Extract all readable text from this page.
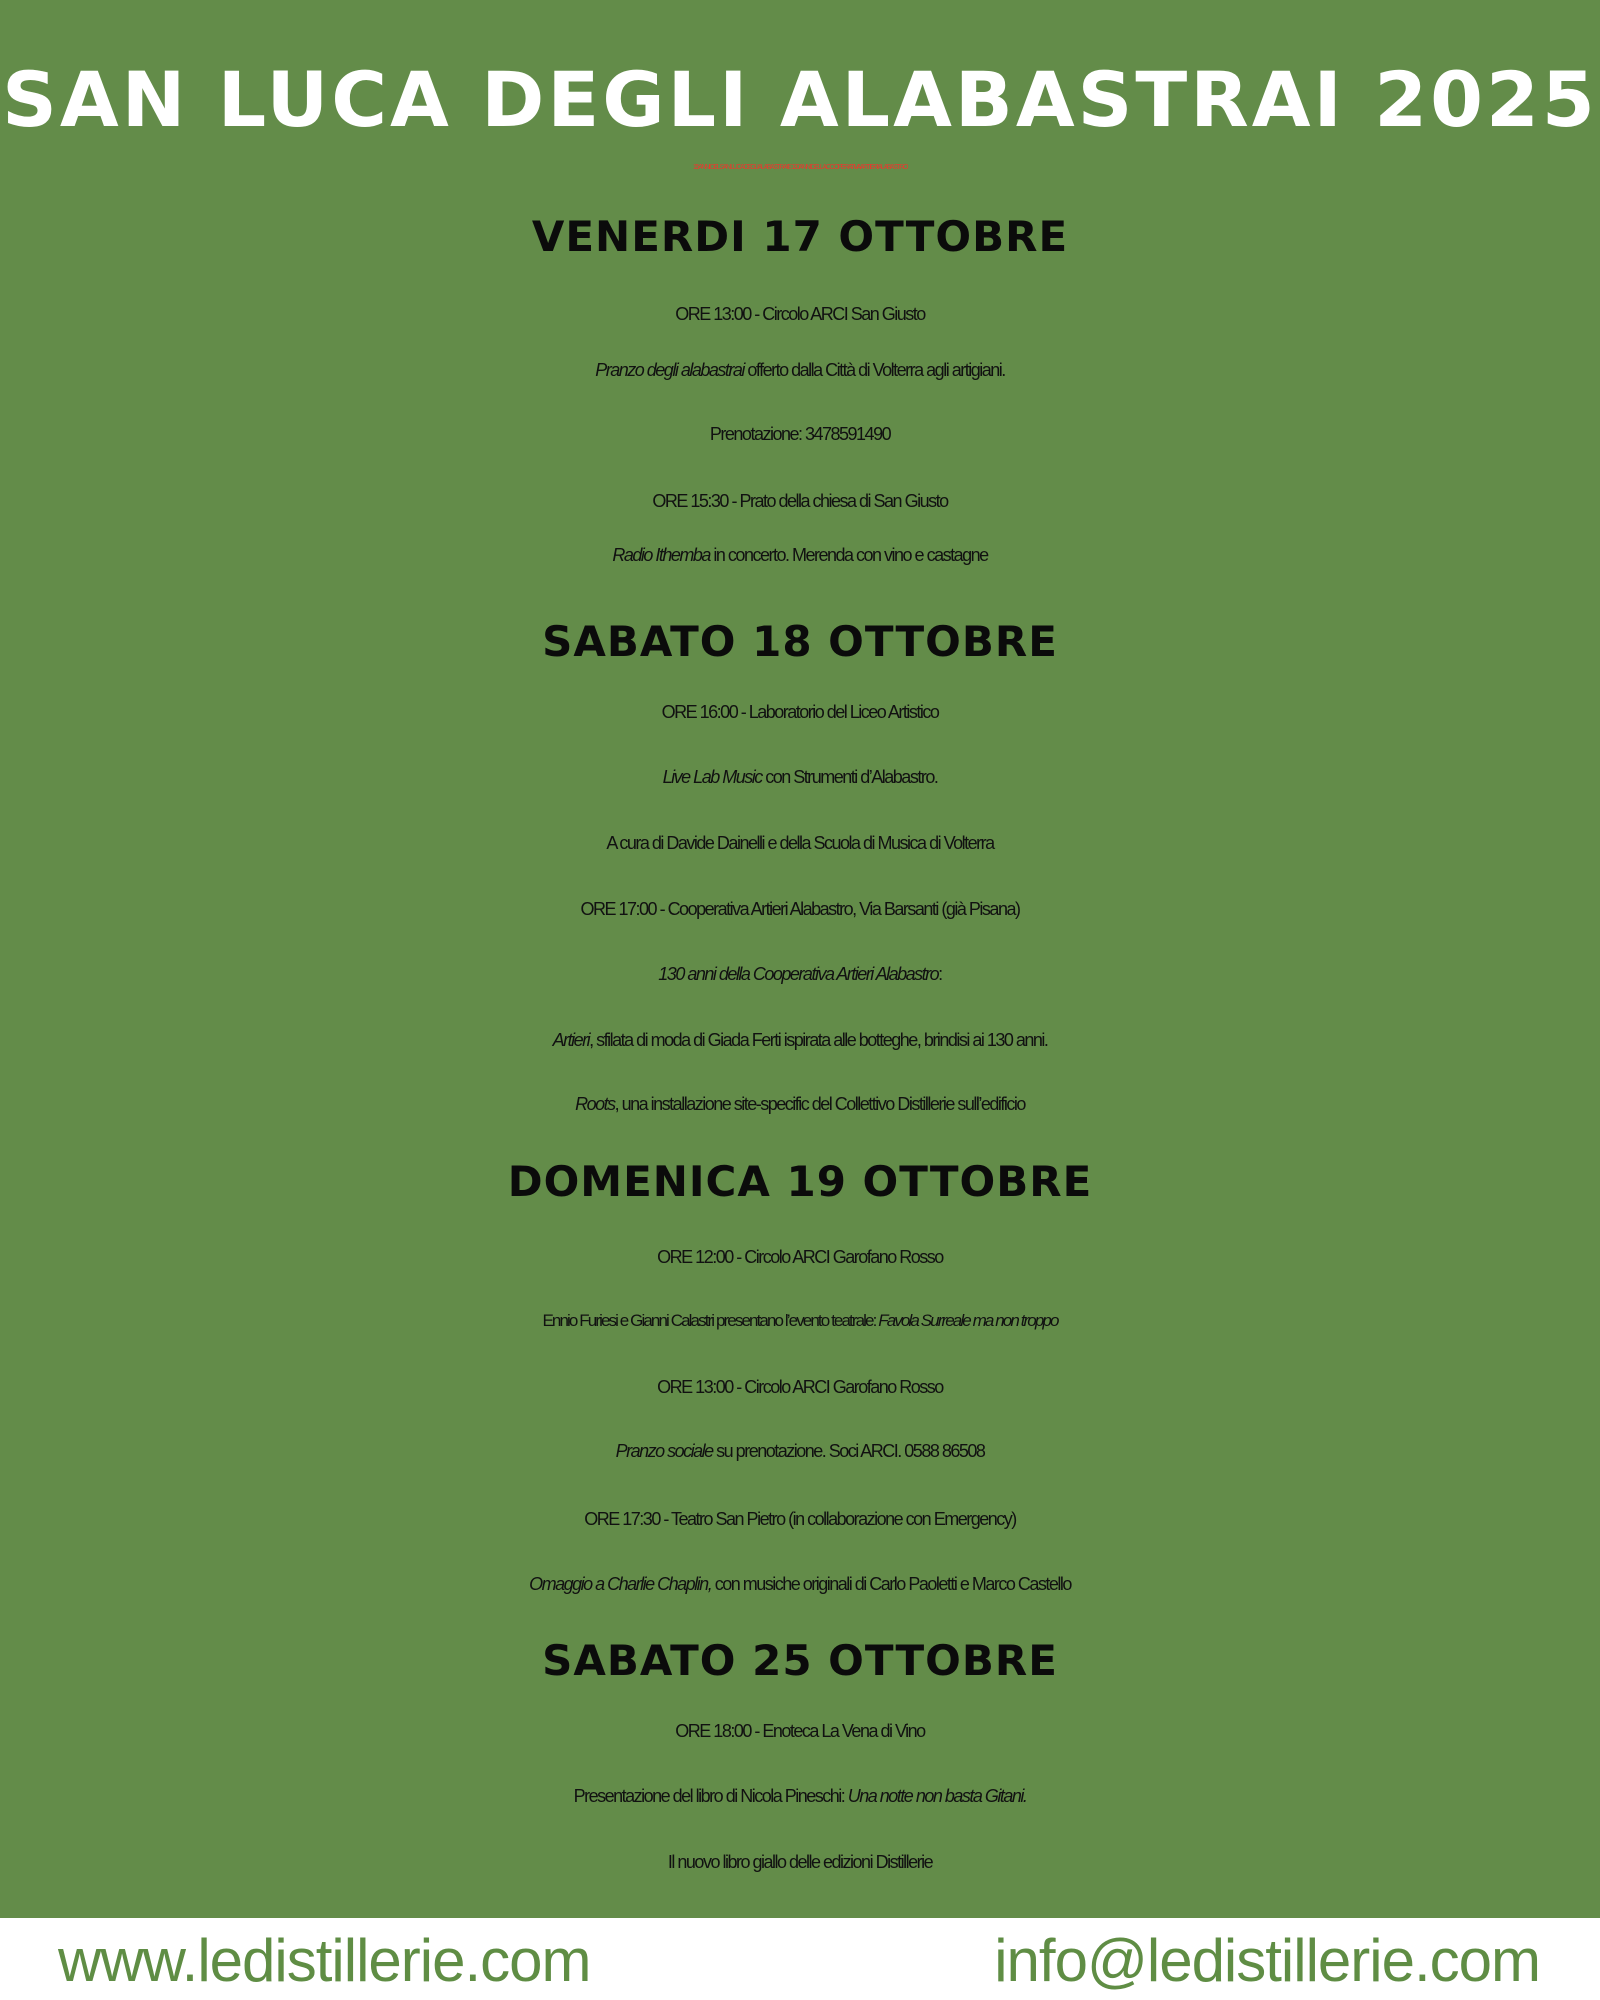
SAN LUCA DEGLI ALABASTRAI 2025
15 ANNI DEL SAN LUCA DEGLI ALABASTRAI E 130 ANNI DELLA COOPERATIVA ARTIERI ALABASTRO
VENERDI 17 OTTOBRE
ORE 13:00 - Circolo ARCI San Giusto
Pranzo degli alabastrai offerto dalla Città di Volterra agli artigiani.
Prenotazione: 3478591490
ORE 15:30 - Prato della chiesa di San Giusto
Radio Ithemba in concerto. Merenda con vino e castagne
SABATO 18 OTTOBRE
ORE 16:00 - Laboratorio del Liceo Artistico
Live Lab Music con Strumenti d’Alabastro.
A cura di Davide Dainelli e della Scuola di Musica di Volterra
ORE 17:00 - Cooperativa Artieri Alabastro, Via Barsanti (già Pisana)
130 anni della Cooperativa Artieri Alabastro:
Artieri, sfilata di moda di Giada Ferti ispirata alle botteghe, brindisi ai 130 anni.
Roots, una installazione site-specific del Collettivo Distillerie sull’edificio
DOMENICA 19 OTTOBRE
ORE 12:00 - Circolo ARCI Garofano Rosso
Ennio Furiesi e Gianni Calastri presentano l’evento teatrale: Favola Surreale ma non troppo
ORE 13:00 - Circolo ARCI Garofano Rosso
Pranzo sociale su prenotazione. Soci ARCI. 0588 86508
ORE 17:30 - Teatro San Pietro (in collaborazione con Emergency)
Omaggio a Charlie Chaplin, con musiche originali di Carlo Paoletti e Marco Castello
SABATO 25 OTTOBRE
ORE 18:00 - Enoteca La Vena di Vino
Presentazione del libro di Nicola Pineschi: Una notte non basta Gitani.
Il nuovo libro giallo delle edizioni Distillerie
www.ledistillerie.com	info@ledistillerie.com
